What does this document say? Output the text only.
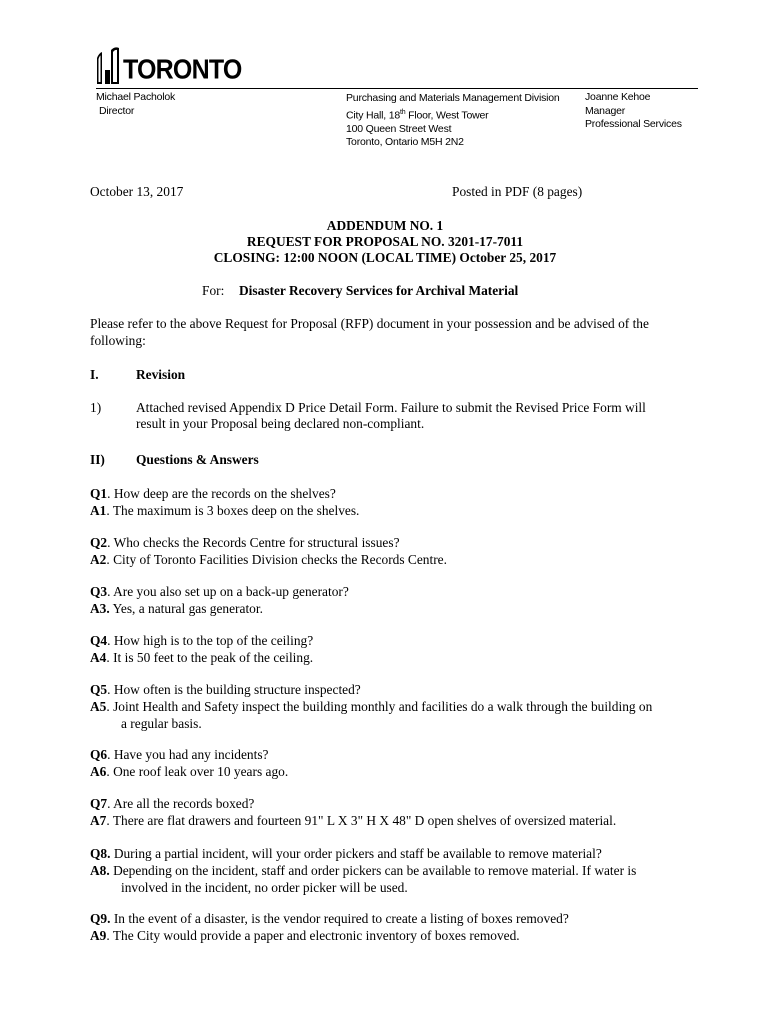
TORONTO
Michael Pacholok
Director
Purchasing and Materials Management Division
City Hall, 18th Floor, West Tower
100 Queen Street West
Toronto, Ontario M5H 2N2
Joanne Kehoe
Manager
Professional Services
October 13, 2017	Posted in PDF (8 pages)
ADDENDUM NO. 1
REQUEST FOR PROPOSAL NO. 3201-17-7011
CLOSING: 12:00 NOON (LOCAL TIME) October 25, 2017
For: Disaster Recovery Services for Archival Material
Please refer to the above Request for Proposal (RFP) document in your possession and be advised of the following:
I.	Revision
1)	Attached revised Appendix D Price Detail Form. Failure to submit the Revised Price Form will
result in your Proposal being declared non-compliant.
II) Questions & Answers
Q1. How deep are the records on the shelves?
A1. The maximum is 3 boxes deep on the shelves.
Q2. Who checks the Records Centre for structural issues?
A2. City of Toronto Facilities Division checks the Records Centre.
Q3. Are you also set up on a back-up generator?
A3. Yes, a natural gas generator.
Q4. How high is to the top of the ceiling?
A4. It is 50 feet to the peak of the ceiling.
Q5. How often is the building structure inspected?
A5. Joint Health and Safety inspect the building monthly and facilities do a walk through the building on
a regular basis.
Q6. Have you had any incidents?
A6. One roof leak over 10 years ago.
Q7. Are all the records boxed?
A7. There are flat drawers and fourteen 91" L X 3" H X 48" D open shelves of oversized material.
Q8. During a partial incident, will your order pickers and staff be available to remove material?
A8. Depending on the incident, staff and order pickers can be available to remove material. If water is
involved in the incident, no order picker will be used.
Q9. In the event of a disaster, is the vendor required to create a listing of boxes removed?
A9. The City would provide a paper and electronic inventory of boxes removed.
